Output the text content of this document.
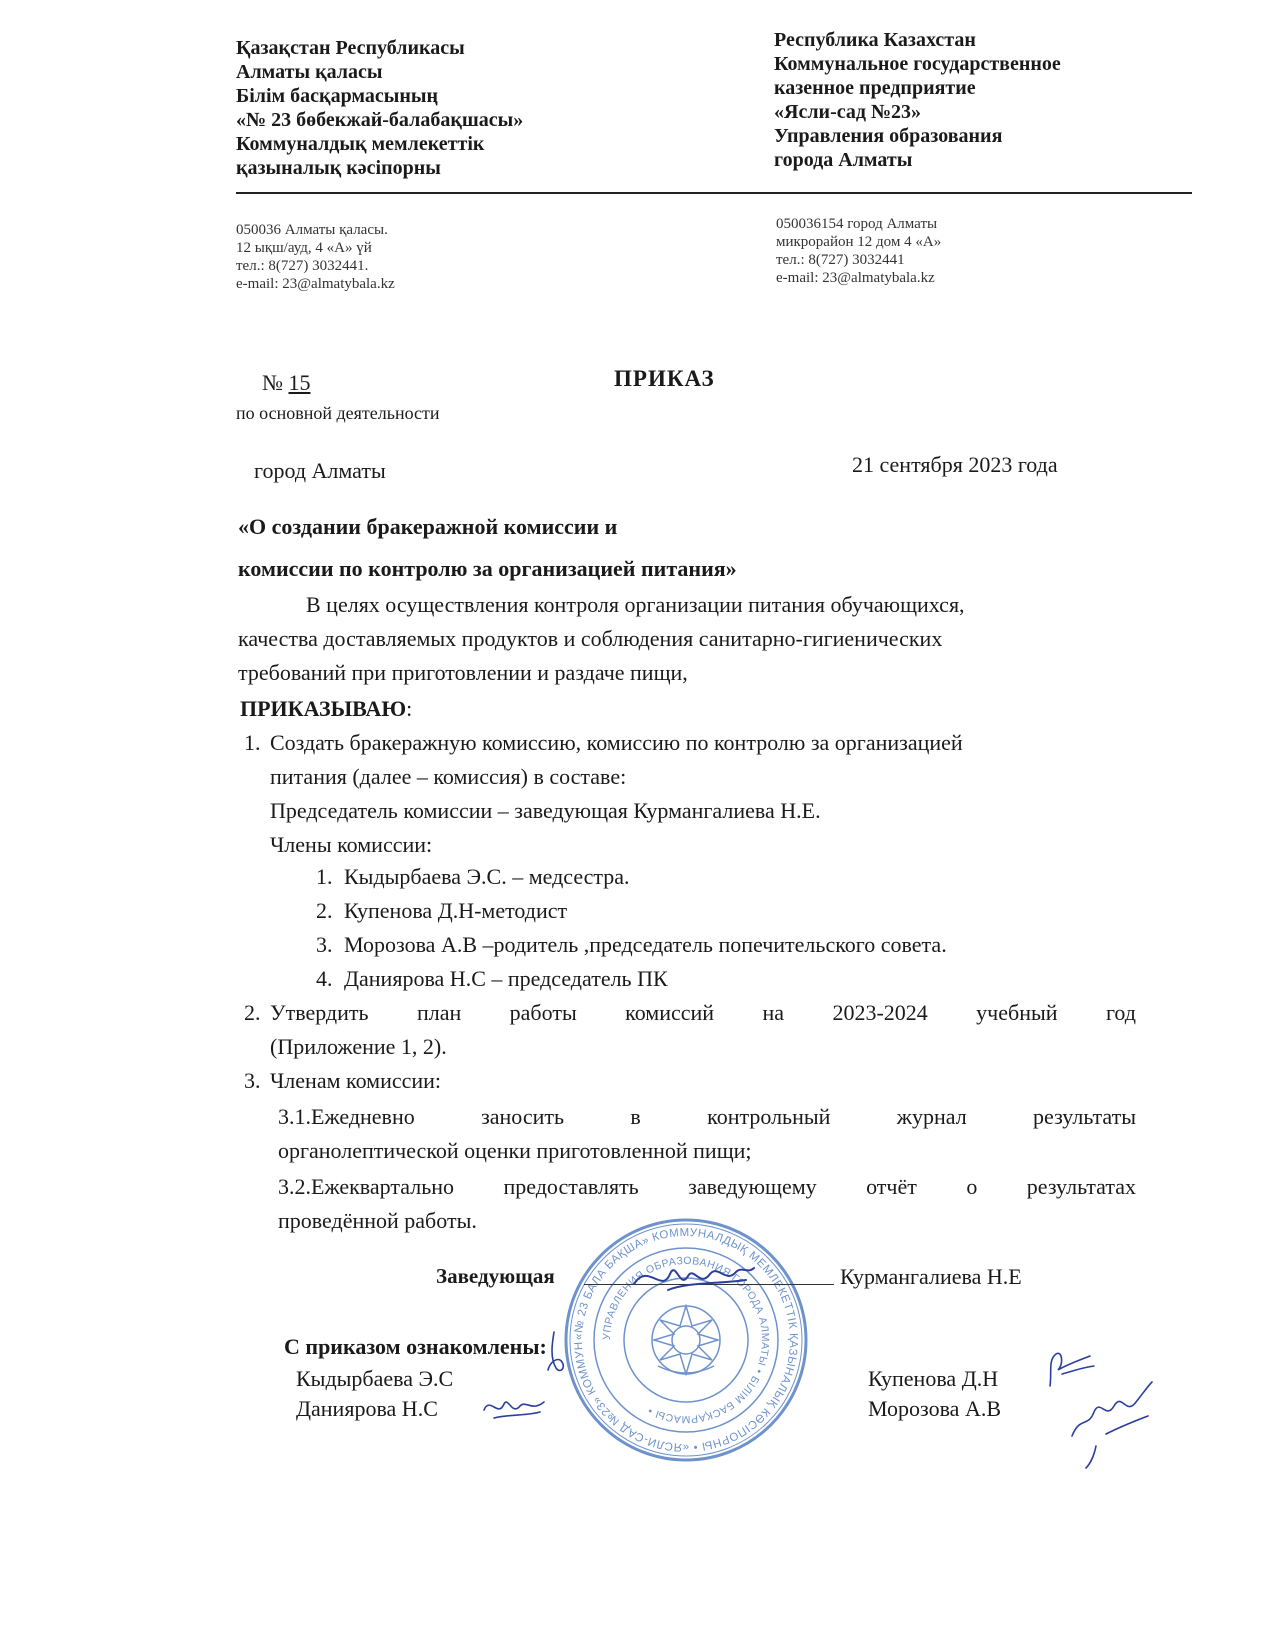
Қазақстан Республикасы
Алматы қаласы
Білім басқармасының
«№ 23 бөбекжай-балабақшасы»
Коммуналдық мемлекеттік
қазыналық кәсіпорны
Республика Казахстан
Коммунальное государственное
казенное предприятие
«Ясли-сад №23»
Управления образования
города Алматы
050036 Алматы қаласы.
12 ықш/ауд, 4 «А» үй
тел.: 8(727) 3032441.
e-mail: 23@almatybala.kz
050036154 город Алматы
микрорайон 12 дом 4 «А»
тел.: 8(727) 3032441
e-mail: 23@almatybala.kz
№ 15
по основной деятельности
ПРИКАЗ
город Алматы	21 сентября 2023 года
«О создании бракеражной комиссии и
комиссии по контролю за организацией питания»
В целях осуществления контроля организации питания обучающихся,
качества доставляемых продуктов и соблюдения санитарно-гигиенических
требований при приготовлении и раздаче пищи,
ПРИКАЗЫВАЮ:
1. Создать бракеражную комиссию, комиссию по контролю за организацией
питания (далее – комиссия) в составе:
Председатель комиссии – заведующая Курмангалиева Н.Е.
Члены комиссии:
1. Кыдырбаева Э.С. – медсестра.
2. Купенова Д.Н-методист
3. Морозова А.В –родитель ,председатель попечительского совета.
4. Даниярова Н.С – председатель ПК
2. Утвердить план работы комиссий на 2023-2024 учебный год
(Приложение 1, 2).
3. Членам комиссии:
3.1.Ежедневно заносить в контрольный журнал результаты
органолептической оценки приготовленной пищи;
3.2.Ежеквартально предоставлять заведующему отчёт о результатах
проведённой работы.
«№ 23 БАЛА БАҚША» КОММУНАЛДЫҚ МЕМЛЕКЕТТІК ҚАЗЫНАЛЫҚ КӘСІПОРНЫ • «ЯСЛИ-САД №23» КОММУНАЛЬНОЕ ГОСУДАРСТВЕННОЕ КАЗЕННОЕ ПРЕДПРИЯТИЕ •
УПРАВЛЕНИЯ ОБРАЗОВАНИЯ ГОРОДА АЛМАТЫ • БІЛІМ БАСҚАРМАСЫ •
Заведующая	Курмангалиева Н.Е
С приказом ознакомлены:
Кыдырбаева Э.С
Даниярова Н.С
Купенова Д.Н
Морозова А.В
